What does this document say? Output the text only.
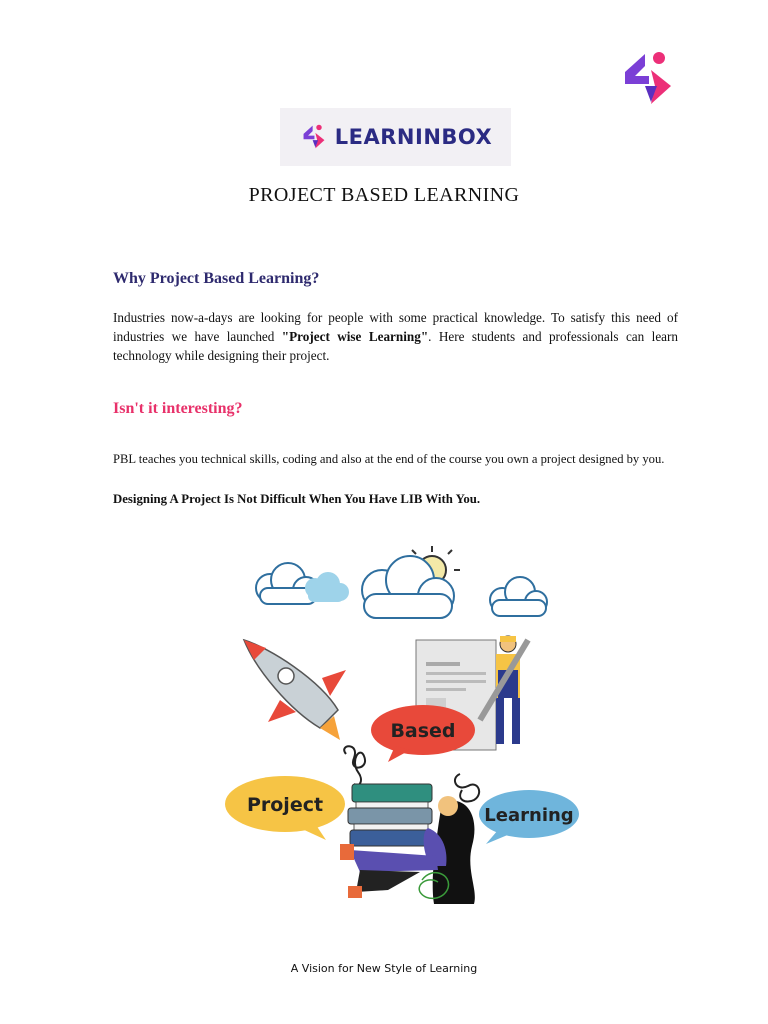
LEARNINBOX
PROJECT BASED LEARNING
Why Project Based Learning?

Industries now-a-days are looking for people with some practical knowledge. To satisfy this need of industries we have launched "Project wise Learning". Here students and professionals can learn technology while designing their project.

Isn't it interesting?

PBL teaches you technical skills, coding and also at the end of the course you own a project designed by you.

Designing A Project Is Not Difficult When You Have LIB With You.

Based
Project	Learning

A Vision for New Style of Learning
